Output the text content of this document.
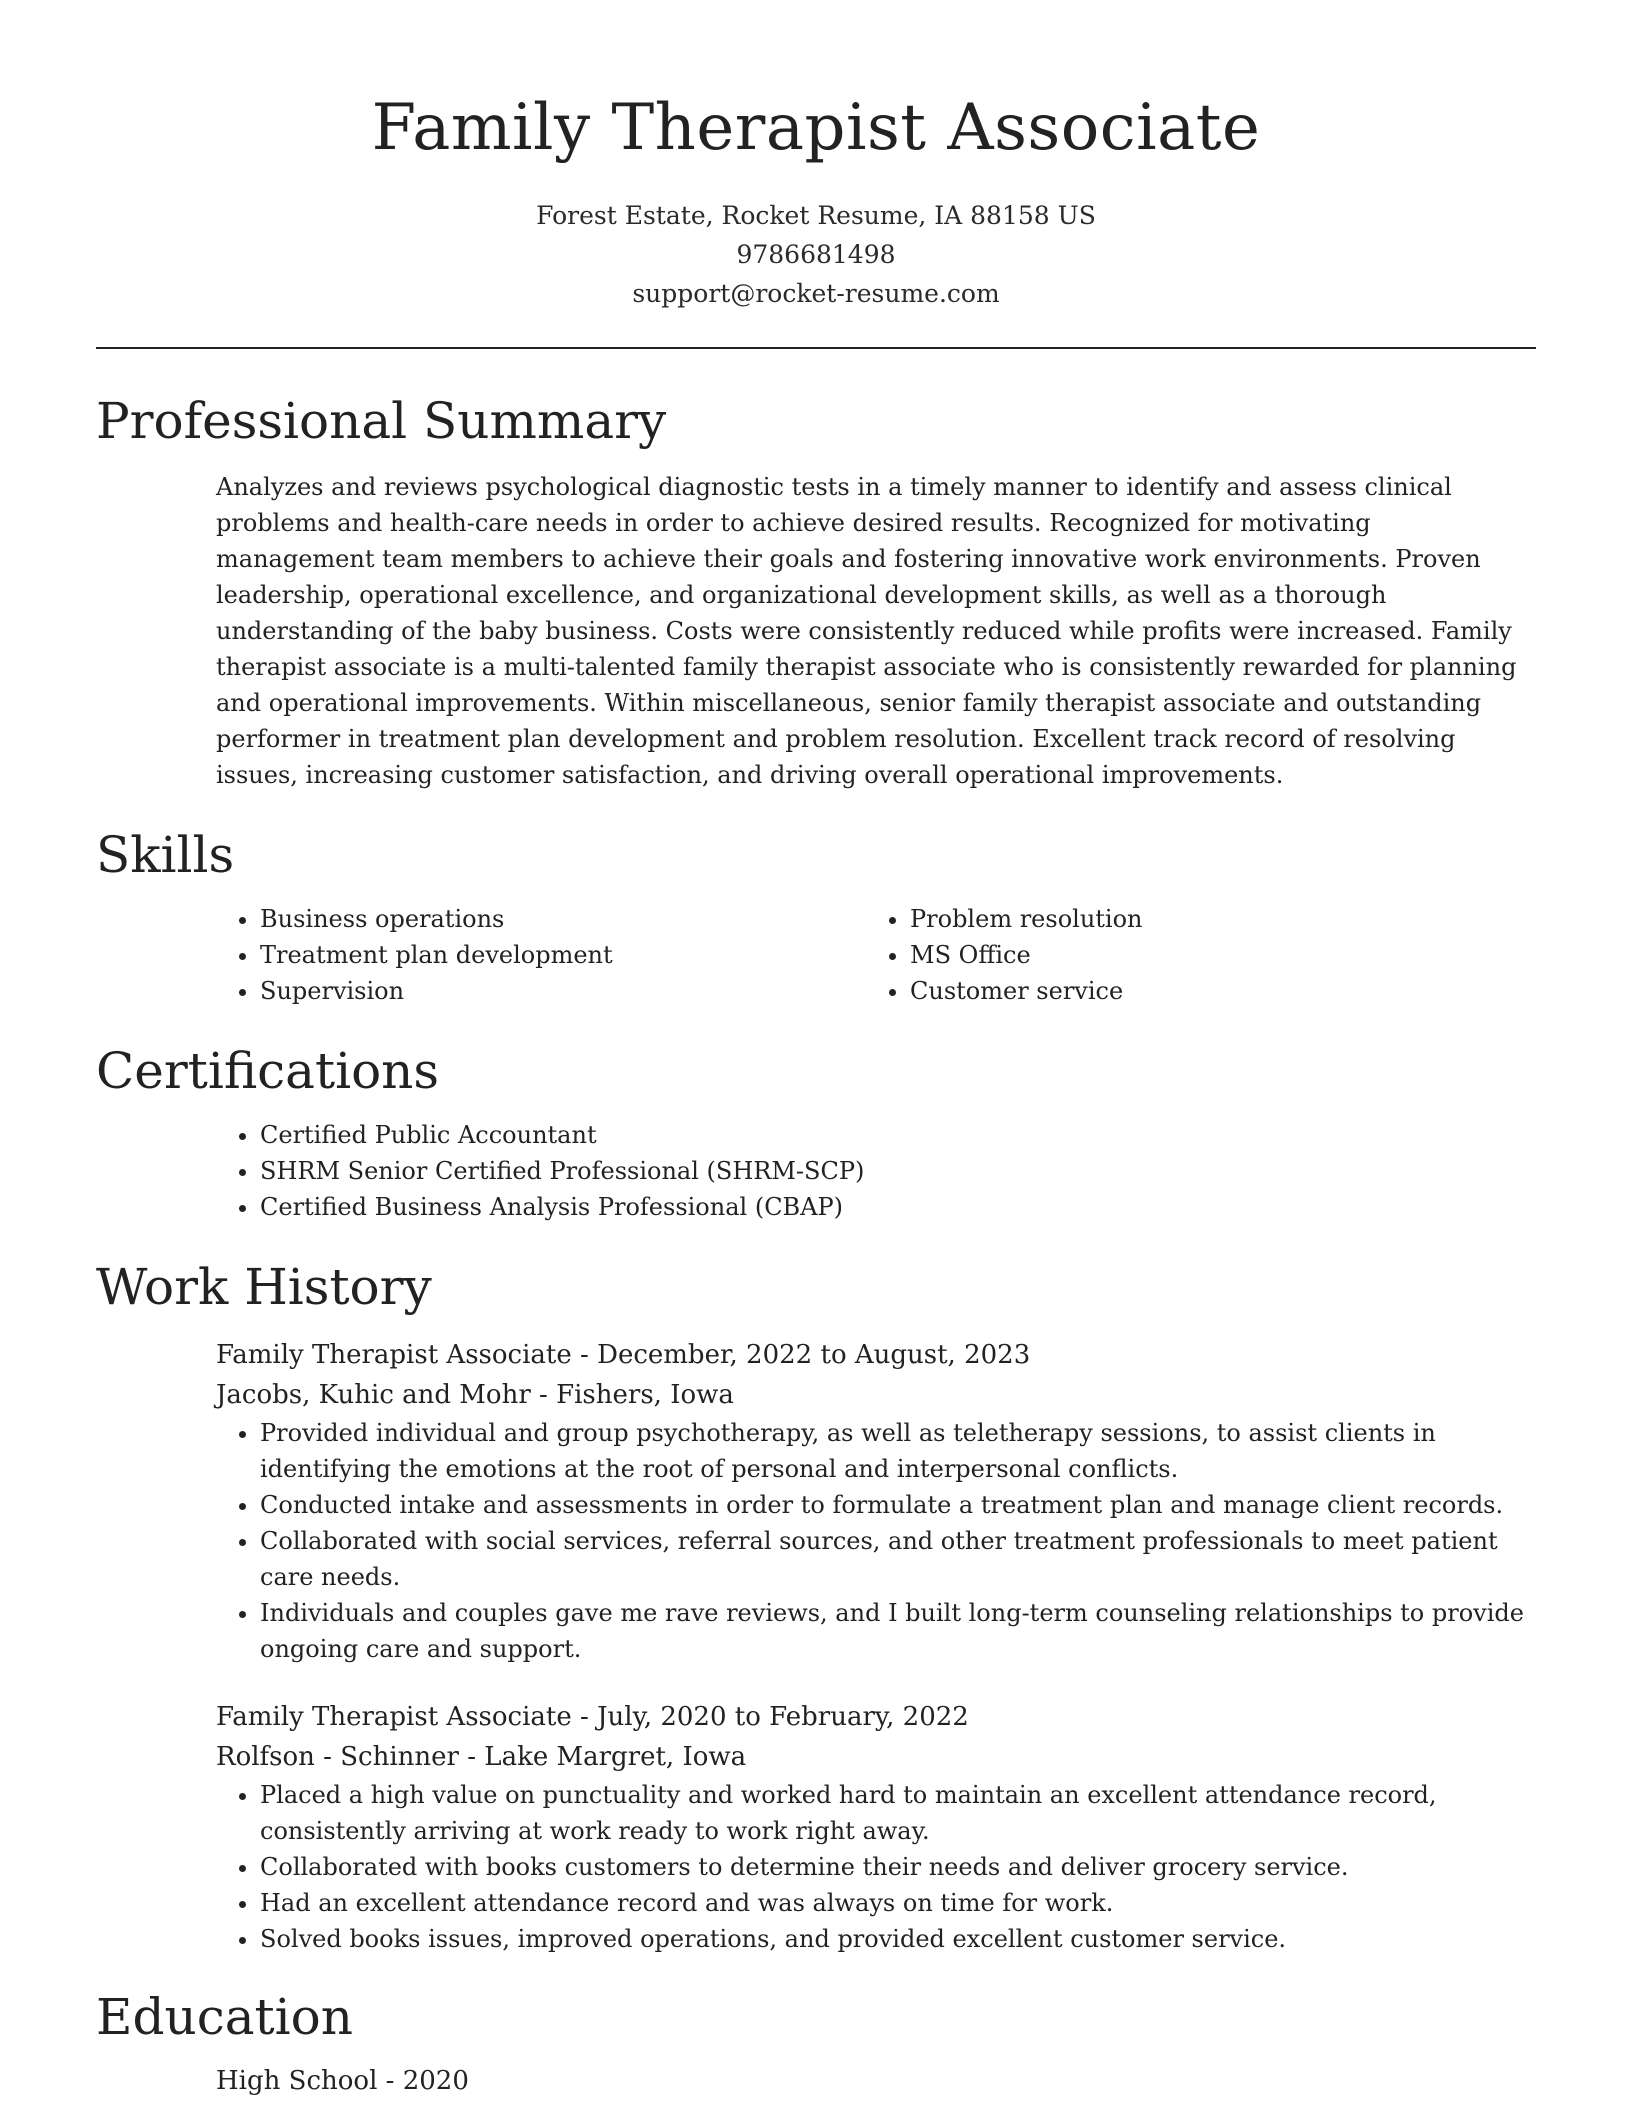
Family Therapist Associate
Forest Estate, Rocket Resume, IA 88158 US
9786681498
support@rocket-resume.com
Professional Summary

Analyzes and reviews psychological diagnostic tests in a timely manner to identify and assess clinical problems and health-care needs in order to achieve desired results. Recognized for motivating management team members to achieve their goals and fostering innovative work environments. Proven leadership, operational excellence, and organizational development skills, as well as a thorough understanding of the baby business. Costs were consistently reduced while profits were increased. Family therapist associate is a multi-talented family therapist associate who is consistently rewarded for planning and operational improvements. Within miscellaneous, senior family therapist associate and outstanding performer in treatment plan development and problem resolution. Excellent track record of resolving issues, increasing customer satisfaction, and driving overall operational improvements.

Skills
• Business operations
• Treatment plan development
• Supervision
• Problem resolution
• MS Office
• Customer service
Certifications
• Certified Public Accountant
• SHRM Senior Certified Professional (SHRM-SCP)
• Certified Business Analysis Professional (CBAP)
Work History
Family Therapist Associate - December, 2022 to August, 2023
Jacobs, Kuhic and Mohr - Fishers, Iowa
• Provided individual and group psychotherapy, as well as teletherapy sessions, to assist clients in identifying the emotions at the root of personal and interpersonal conflicts.
• Conducted intake and assessments in order to formulate a treatment plan and manage client records.
• Collaborated with social services, referral sources, and other treatment professionals to meet patient care needs.
• Individuals and couples gave me rave reviews, and I built long-term counseling relationships to provide ongoing care and support.
Family Therapist Associate - July, 2020 to February, 2022
Rolfson - Schinner - Lake Margret, Iowa
• Placed a high value on punctuality and worked hard to maintain an excellent attendance record, consistently arriving at work ready to work right away.
• Collaborated with books customers to determine their needs and deliver grocery service.
• Had an excellent attendance record and was always on time for work.
• Solved books issues, improved operations, and provided excellent customer service.
Education
High School - 2020
